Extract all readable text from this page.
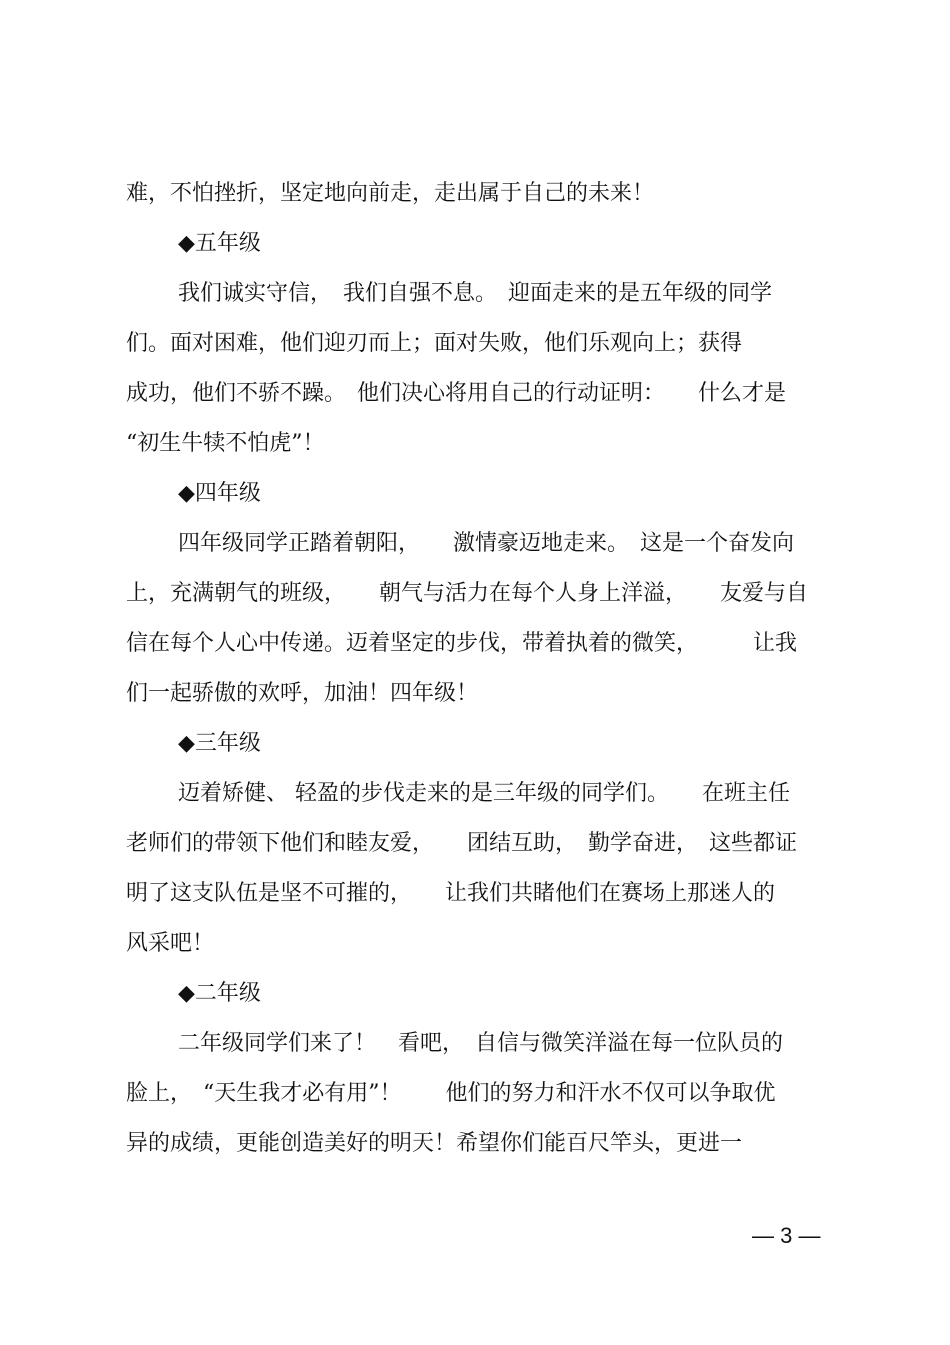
难，不怕挫折，坚定地向前走，走出属于自己的未来！

◆五年级

我们诚实守信，　我们自强不息。　迎面走来的是五年级的同学

们。面对困难，他们迎刃而上；面对失败，他们乐观向上；获得

成功，他们不骄不躁。　他们决心将用自己的行动证明：　　什么才是

“初生牛犊不怕虎”！

◆四年级

四年级同学正踏着朝阳，　　激情豪迈地走来。　这是一个奋发向

上，充满朝气的班级，　　朝气与活力在每个人身上洋溢，　　友爱与自

信在每个人心中传递。迈着坚定的步伐，带着执着的微笑，　　　让我

们一起骄傲的欢呼，加油！四年级！

◆三年级

迈着矫健、 轻盈的步伐走来的是三年级的同学们。　　在班主任

老师们的带领下他们和睦友爱，　　团结互助，　勤学奋进，　这些都证

明了这支队伍是坚不可摧的，　　让我们共睹他们在赛场上那迷人的

风采吧！

◆二年级

二年级同学们来了！　看吧，　自信与微笑洋溢在每一位队员的

脸上，　“天生我才必有用”！　　他们的努力和汗水不仅可以争取优

异的成绩，更能创造美好的明天！希望你们能百尺竿头，更进一

— 3 —
